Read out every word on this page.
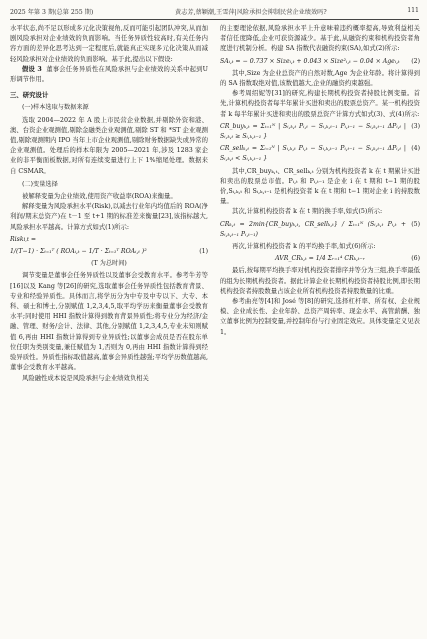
2025 年第 3 期(总第 255 期)	黄志芳,蔡颖潮,王雪萍|风险承担会抑制民营企业绩效吗?	111

水平状态,尚不足以形成多元化决策视角,反而可能引起团队冲突,从而加剧风险承担对企业绩效的负面影响。当任务异质性较高时,有关任务内容方面的差异化思考达到一定程度后,就能真正实现多元化决策从而减轻风险承担对企业绩效的负面影响。基于此,提出以下假设:

假设 3 董事会任务异质性在风险承担与企业绩效的关系中起到U形调节作用。

三、研究设计
(一)样本选取与数据来源

选取 2004—2022 年 A 股上市民营企业数据,并剔除外资和港、澳、台资企业观测值,剔除金融类企业观测值,剔除 ST 和 *ST 企业观测值,剔除观测期内 IPO 当年上市企业观测值,剔除财务数据缺失或异常的企业观测值。处理后的样本年限为 2005—2021 年,涉及 1283 家企业的非平衡面板数据,对所有连续变量进行上下 1%缩尾处理。数据来自 CSMAR。

(二)变量选择

被解释变量为企业绩效,使用资产收益率(ROA)来衡量。

解释变量为风险承担水平(Risk),以减去行业年内均值后的 ROA(净利润/期末总资产)在 t－1 至 t+1 期的标准差来衡量[23],该指标越大,风险承担水平越高。计算方式如式(1)所示:

Riski,t =
1/(T−1) · Σₜ₌₁ᵀ ( ROAᵢ,ₜ − 1/T · Σₜ₌₁ᵀ ROAᵢ,ₜ )²	(1)
(T 为总时间)

调节变量是董事会任务异质性以及董事会受教育水平。参考牛芳等[16]以及 Kang 等[26]的研究,选取董事会任务异质性包括教育背景、专业和经验异质性。具体而言,将学历分为中专及中专以下、大专、本科、硕士和博士,分别赋值 1,2,3,4,5,取平均学历来衡量董事会受教育水平;同时使用 HHI 指数计算得到教育背景异质性;将专业分为经济/金融、管理、财务/会计、法律、其他,分别赋值 1,2,3,4,5,专业未知则赋值 6,再由 HHI 指数计算得到专业异质性;以董事会成员是否在股东单位任职为类别变量,兼任赋值为 1,否则为 0,再由 HHI 指数计算得到经验异质性。异质性指标取值越高,董事会异质性越强;平均学历数值越高,董事会受教育水平越高。

风险融性成本说是风险承担与企业绩效负相关

的主要理论依据,风险承担水平上升意味着违约概率提高,导致利益相关者信任度降低,企业可获资源减少。基于此,从融资约束和机构投资者角度进行机制分析。构建 SA 指数代表融资约束(SA),如式(2)所示:

SAᵢ,ₜ = − 0.737 × Sizeᵢ,ₜ + 0.043 × Size²ᵢ,ₜ − 0.04 × Ageᵢ,ₜ (2)

其中,Size 为企业总资产的自然对数,Age 为企业年龄。将计算得到的 SA 指数取绝对值,该数值越大,企业的融资约束越强。

参考周绍妮等[31]的研究,构建长期机构投资者持股比例变量。首先,计算机构投资者每半年累计买进和卖出的股票总资产。某一机构投资者 k 每半年累计买进和卖出的股票总资产计算方式如式(3)、式(4)所示:

CR_buyₖ,ₜ = Σᵢ₌₁ᴺ | Sᵢ,ₖ,ₜ Pᵢ,ₜ − Sᵢ,ₖ,ₜ₋₁ Pᵢ,ₜ₋₁ − Sᵢ,ₖ,ₜ₋₁ ΔPᵢ,ₜ | Sᵢ,ₖ,ₜ ≥ Sᵢ,ₖ,ₜ₋₁ }
(3)
CR_sellₖ,ₜ = Σᵢ₌₁ᴺ | Sᵢ,ₖ,ₜ Pᵢ,ₜ − Sᵢ,ₖ,ₜ₋₁ Pᵢ,ₜ₋₁ − Sᵢ,ₖ,ₜ₋₁ ΔPᵢ,ₜ | Sᵢ,ₖ,ₜ < Sᵢ,ₖ,ₜ₋₁ }
(4)

其中,CR_buyₖ,ₜ、CR_sellₖ,ₜ 分别为机构投资者 k 在 t 期累计买进和卖出的股票总市值。Pᵢ,ₜ 和 Pᵢ,ₜ₋₁ 是企业 i 在 t 期和 t−1 期的股价,Sᵢ,ₖ,ₜ 和 Sᵢ,ₖ,ₜ₋₁ 是机构投资者 k 在 t 期和 t−1 期对企业 i 的持股数量。

其次,计算机构投资者 k 在 t 期的换手率,如式(5)所示:

CRₖ,ₜ = 2min{CR_buyₖ,ₜ, CR_sellₖ,ₜ} / Σᵢ₌₁ᴺ (Sᵢ,ₖ,ₜ Pᵢ,ₜ + Sᵢ,ₖ,ₜ₋₁ Pᵢ,ₜ₋₁)
(5)

再次,计算机构投资者 k 的平均换手率,如式(6)所示:

AVR_CRₖ,ₜ = 1/4 Σᵣ₌₁⁴ CRₖ,ₜ₋ᵣ	(6)

最后,按每期平均换手率对机构投资者排序并等分为三组,换手率最低的组为长期机构投资者。据此计算企业长期机构投资者持股比例,即长期机构投资者持股数量占该企业所有机构投资者持股数量的比重。

参考曲亮等[4]和 José 等[8]的研究,选择杠杆率、所有权、企业规模、企业成长性、企业年龄、总资产周转率、现金水平、高管薪酬、独立董事比例为控制变量,并控制年份与行业固定效应。具体变量定义见表 1。
